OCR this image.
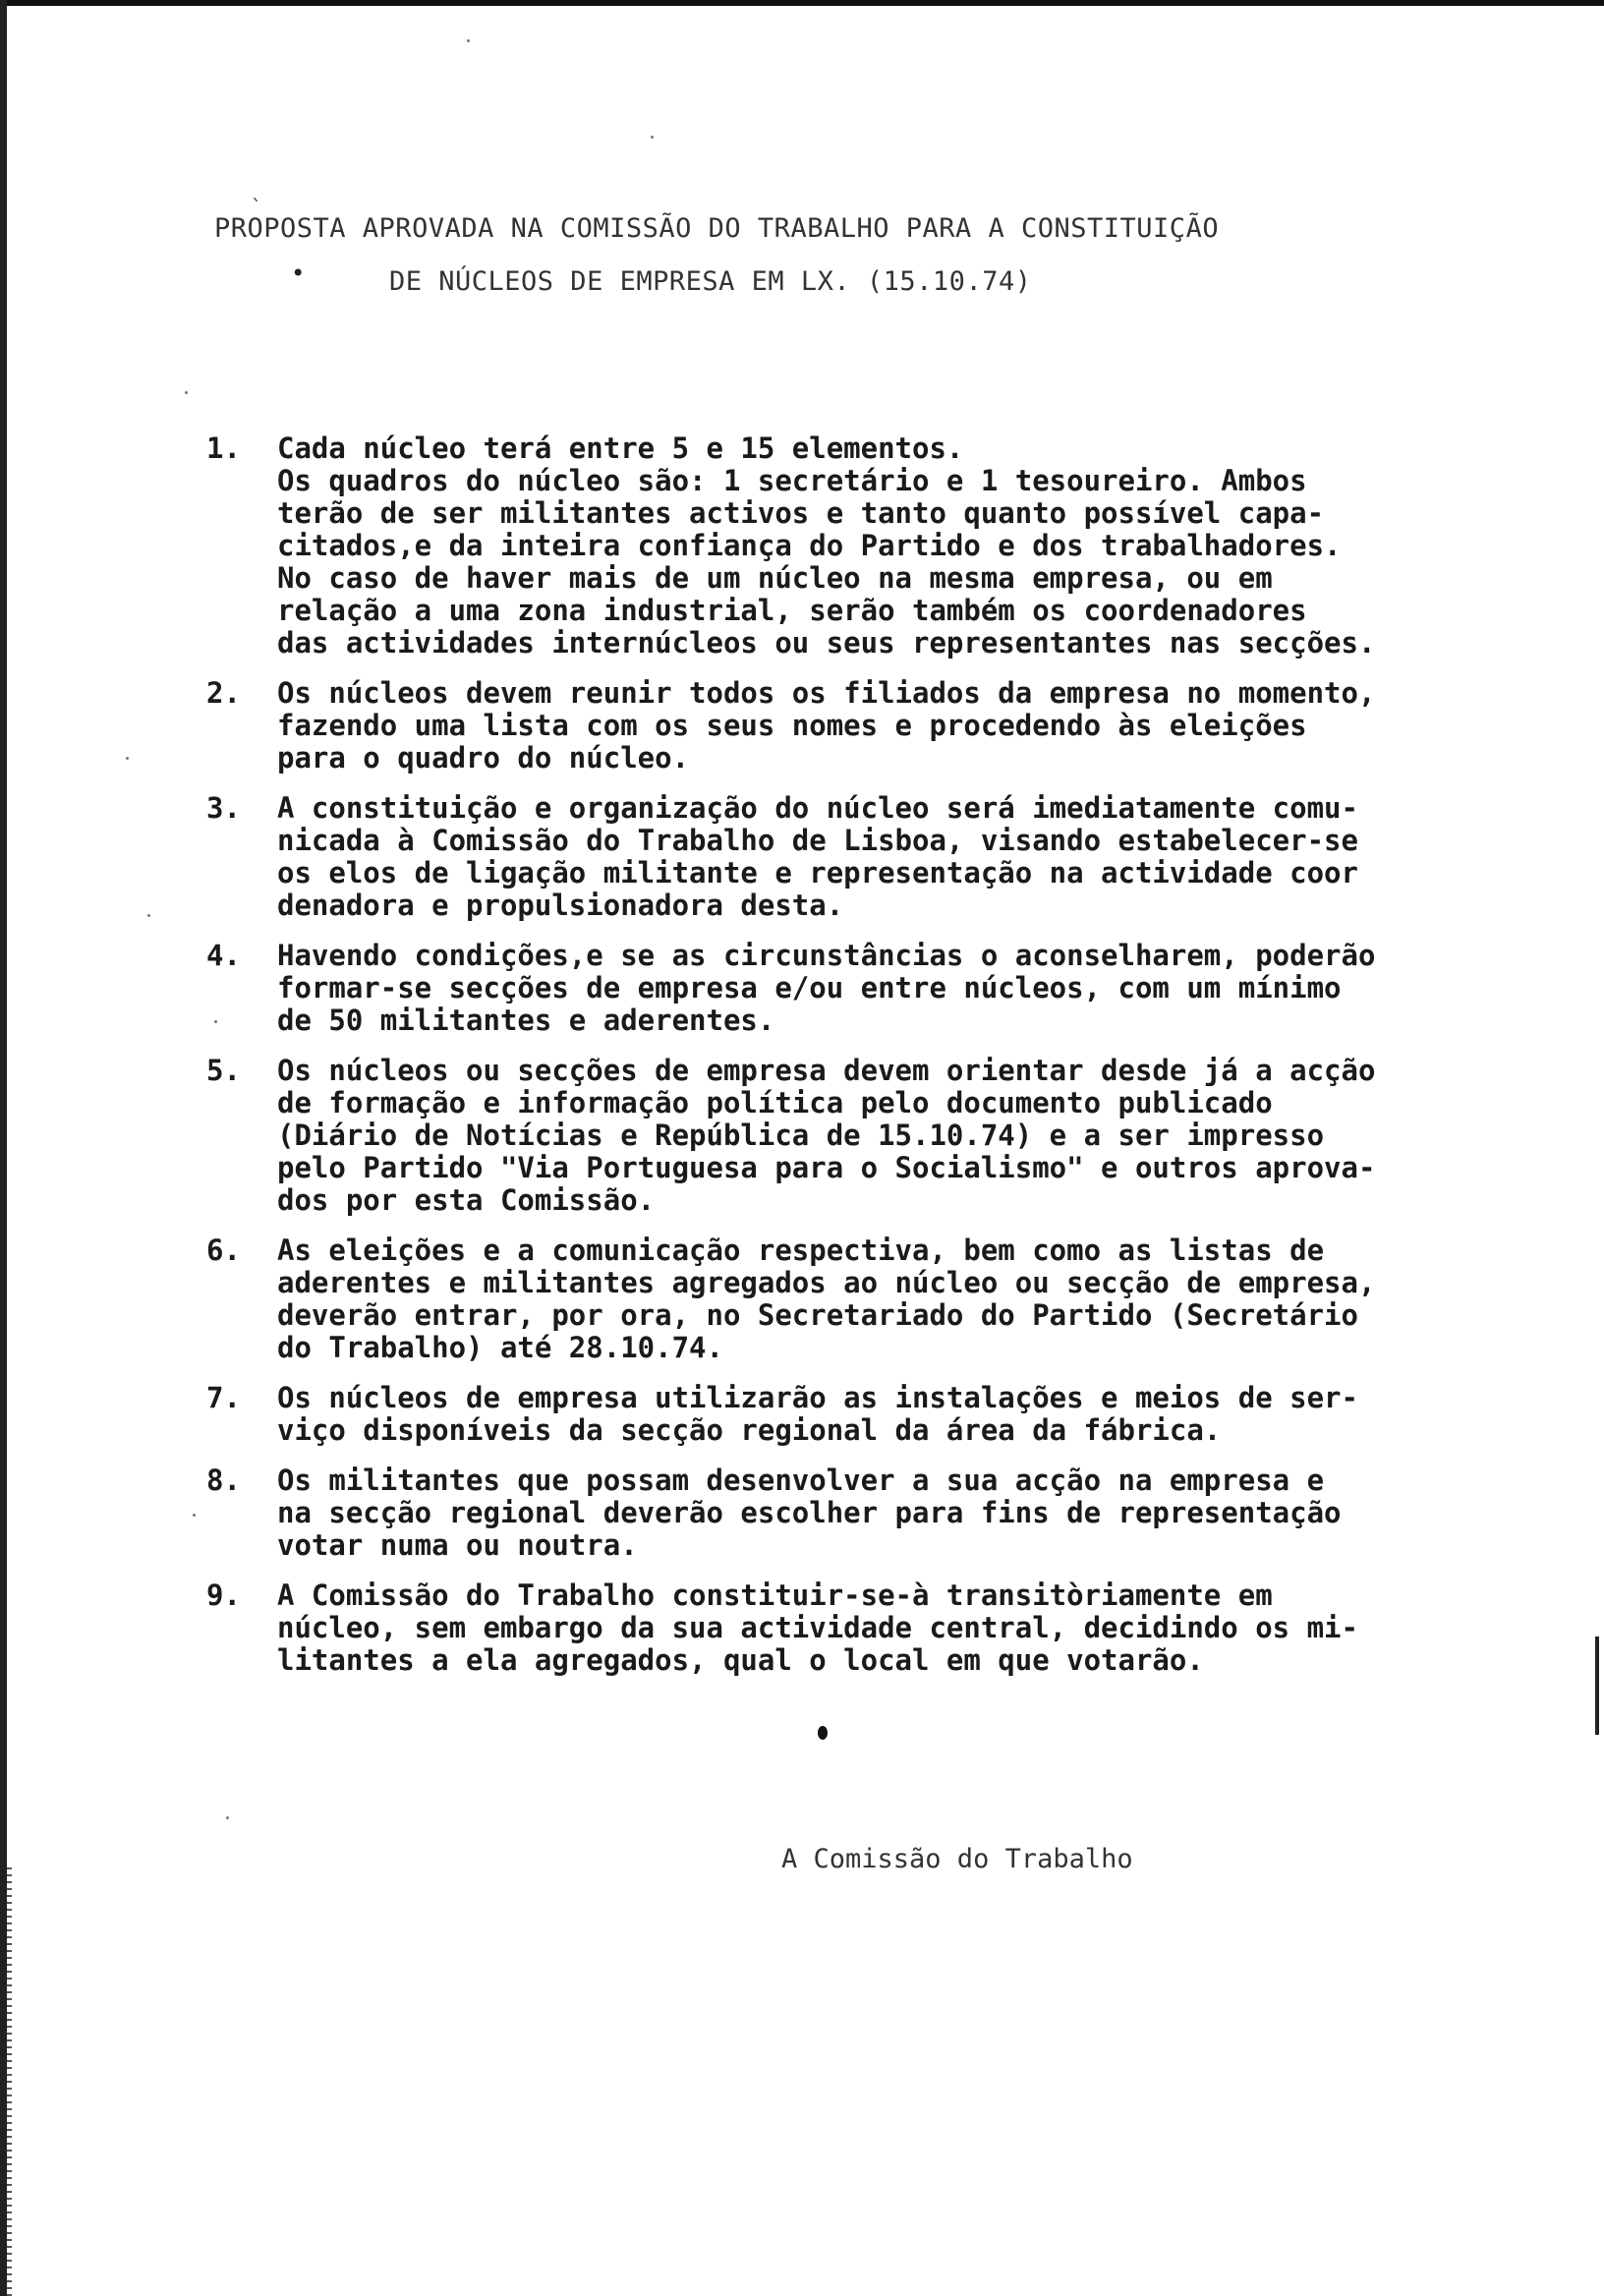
ˎ
PROPOSTA APROVADA NA COMISSÃO DO TRABALHO PARA A CONSTITUIÇÃO
DE NÚCLEOS DE EMPRESA EM LX. (15.10.74)
•
1.	Cada núcleo terá entre 5 e 15 elementos.
Os quadros do núcleo são: 1 secretário e 1 tesoureiro. Ambos
terão de ser militantes activos e tanto quanto possível capa-
citados,e da inteira confiança do Partido e dos trabalhadores.
No caso de haver mais de um núcleo na mesma empresa, ou em
relação a uma zona industrial, serão também os coordenadores
das actividades internúcleos ou seus representantes nas secções.
2.	Os núcleos devem reunir todos os filiados da empresa no momento,
fazendo uma lista com os seus nomes e procedendo às eleições
para o quadro do núcleo.
3.	A constituição e organização do núcleo será imediatamente comu-
nicada à Comissão do Trabalho de Lisboa, visando estabelecer-se
os elos de ligação militante e representação na actividade coor
denadora e propulsionadora desta.
4.	Havendo condições,e se as circunstâncias o aconselharem, poderão
formar-se secções de empresa e/ou entre núcleos, com um mínimo
de 50 militantes e aderentes.
5.	Os núcleos ou secções de empresa devem orientar desde já a acção
de formação e informação política pelo documento publicado
(Diário de Notícias e República de 15.10.74) e a ser impresso
pelo Partido "Via Portuguesa para o Socialismo" e outros aprova-
dos por esta Comissão.
6.	As eleições e a comunicação respectiva, bem como as listas de
aderentes e militantes agregados ao núcleo ou secção de empresa,
deverão entrar, por ora, no Secretariado do Partido (Secretário
do Trabalho) até 28.10.74.
7.	Os núcleos de empresa utilizarão as instalações e meios de ser-
viço disponíveis da secção regional da área da fábrica.
8.	Os militantes que possam desenvolver a sua acção na empresa e
na secção regional deverão escolher para fins de representação
votar numa ou noutra.
9.	A Comissão do Trabalho constituir-se-à transitòriamente em
núcleo, sem embargo da sua actividade central, decidindo os mi-
litantes a ela agregados, qual o local em que votarão.
A Comissão do Trabalho
